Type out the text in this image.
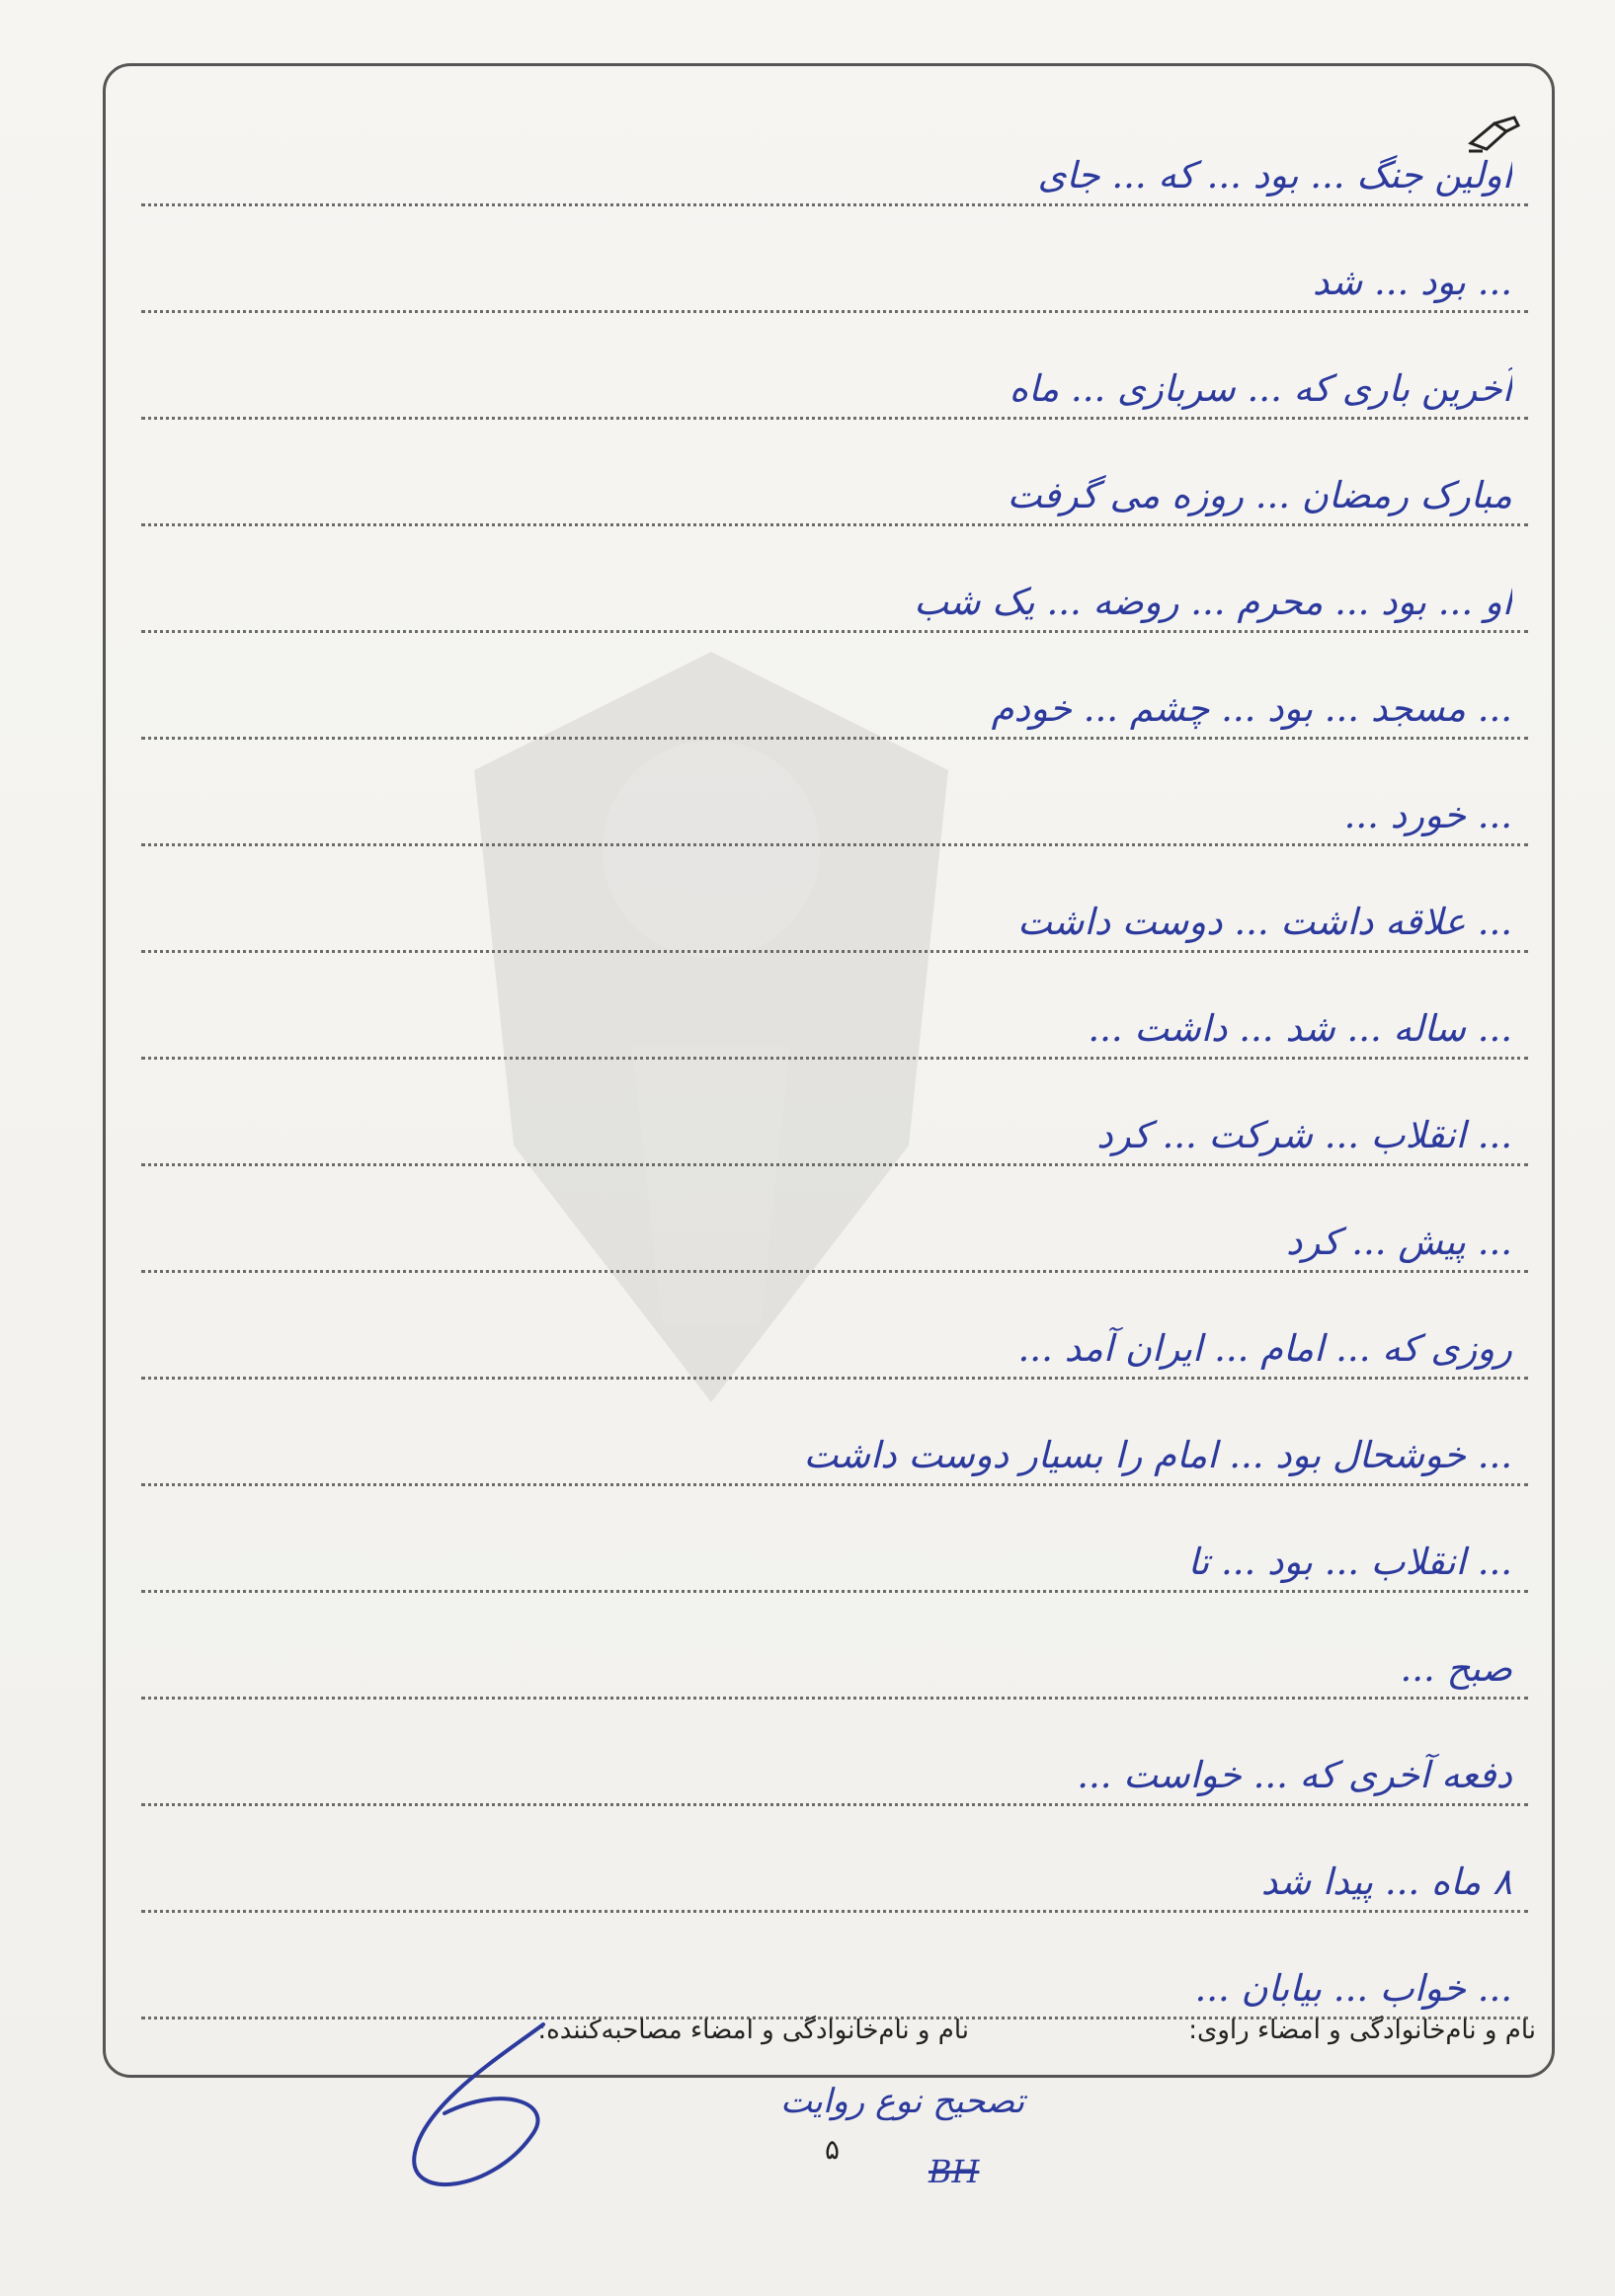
اولین جنگ ... بود ... که ... جای
... بود ... شد
آخرین باری که ... سربازی ... ماه
مبارک رمضان ... روزه می گرفت
او ... بود ... محرم ... روضه ... یک شب
... مسجد ... بود ... چشم ... خودم
... خورد ...
... علاقه داشت ... دوست داشت
... ساله ... شد ... داشت ...
... انقلاب ... شرکت ... کرد
... پیش ... کرد
روزی که ... امام ... ایران آمد ...
... خوشحال بود ... امام را بسیار دوست داشت
... انقلاب ... بود ... تا
صبح ...
دفعه آخری که ... خواست ...
۸ ماه ... پیدا شد
... خواب ... بیابان ...
نام و نام‌خانوادگی و امضاء راوی:
نام و نام‌خانوادگی و امضاء مصاحبه‌کننده:
تصحیح نوع روایت
۵
BH
